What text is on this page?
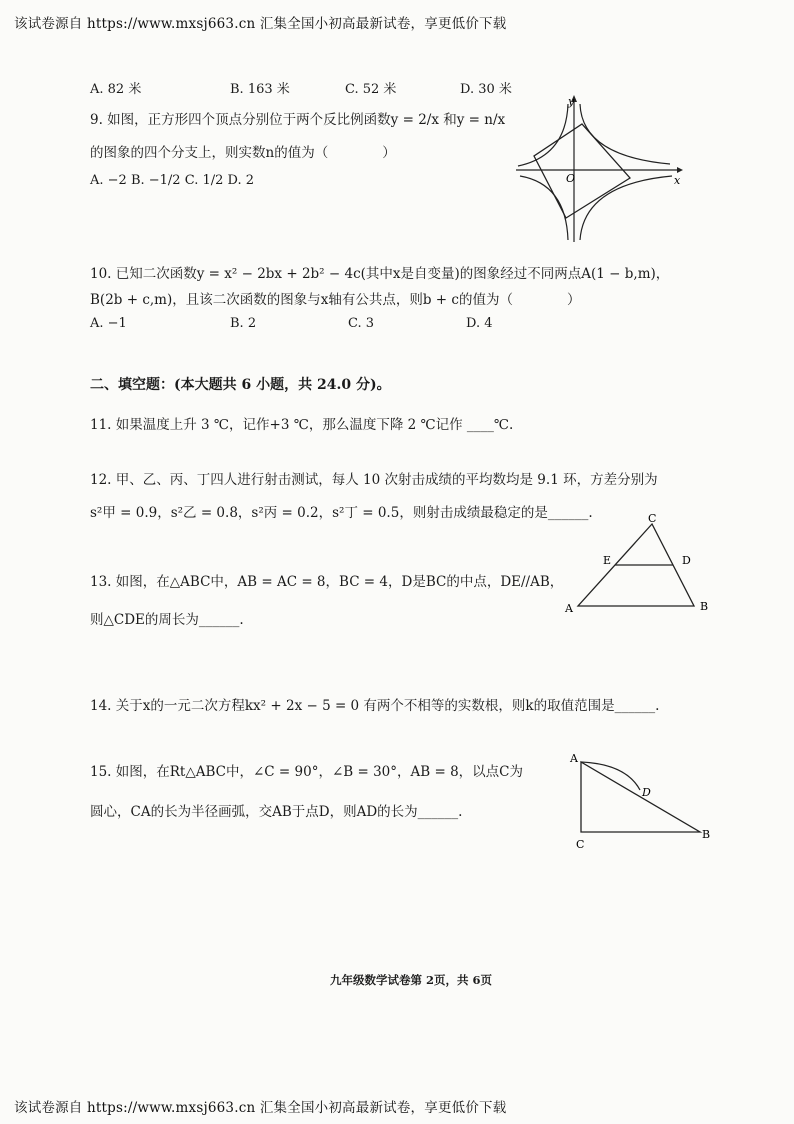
该试卷源自 https://www.mxsj663.cn 汇集全国小初高最新试卷，享更低价下载
A. 82 米	B. 163 米	C. 52 米	D. 30 米
9. 如图，正方形四个顶点分别位于两个反比例函数y = 2/x 和y = n/x
的图象的四个分支上，则实数n的值为（　　　　）
A. −2 B. −1/2 C. 1/2 D. 2
y
x
O
10. 已知二次函数y = x² − 2bx + 2b² − 4c(其中x是自变量)的图象经过不同两点A(1 − b,m)，
B(2b + c,m)，且该二次函数的图象与x轴有公共点，则b + c的值为（　　　　）
A. −1	B. 2	C. 3	D. 4
二、填空题：(本大题共 6 小题，共 24.0 分)。
11. 如果温度上升 3 ℃，记作+3 ℃，那么温度下降 2 ℃记作 ____℃.
12. 甲、乙、丙、丁四人进行射击测试，每人 10 次射击成绩的平均数均是 9.1 环，方差分别为
s²甲 = 0.9，s²乙 = 0.8，s²丙 = 0.2，s²丁 = 0.5，则射击成绩最稳定的是______.
13. 如图，在△ABC中，AB = AC = 8，BC = 4，D是BC的中点，DE//AB，
则△CDE的周长为______.
C
E	D
A	B
14. 关于x的一元二次方程kx² + 2x − 5 = 0 有两个不相等的实数根，则k的取值范围是______.
15. 如图，在Rt△ABC中，∠C = 90°，∠B = 30°，AB = 8，以点C为
圆心，CA的长为半径画弧，交AB于点D，则AD的长为______.
A
D
C
B
九年级数学试卷第 2页，共 6页
该试卷源自 https://www.mxsj663.cn 汇集全国小初高最新试卷，享更低价下载
